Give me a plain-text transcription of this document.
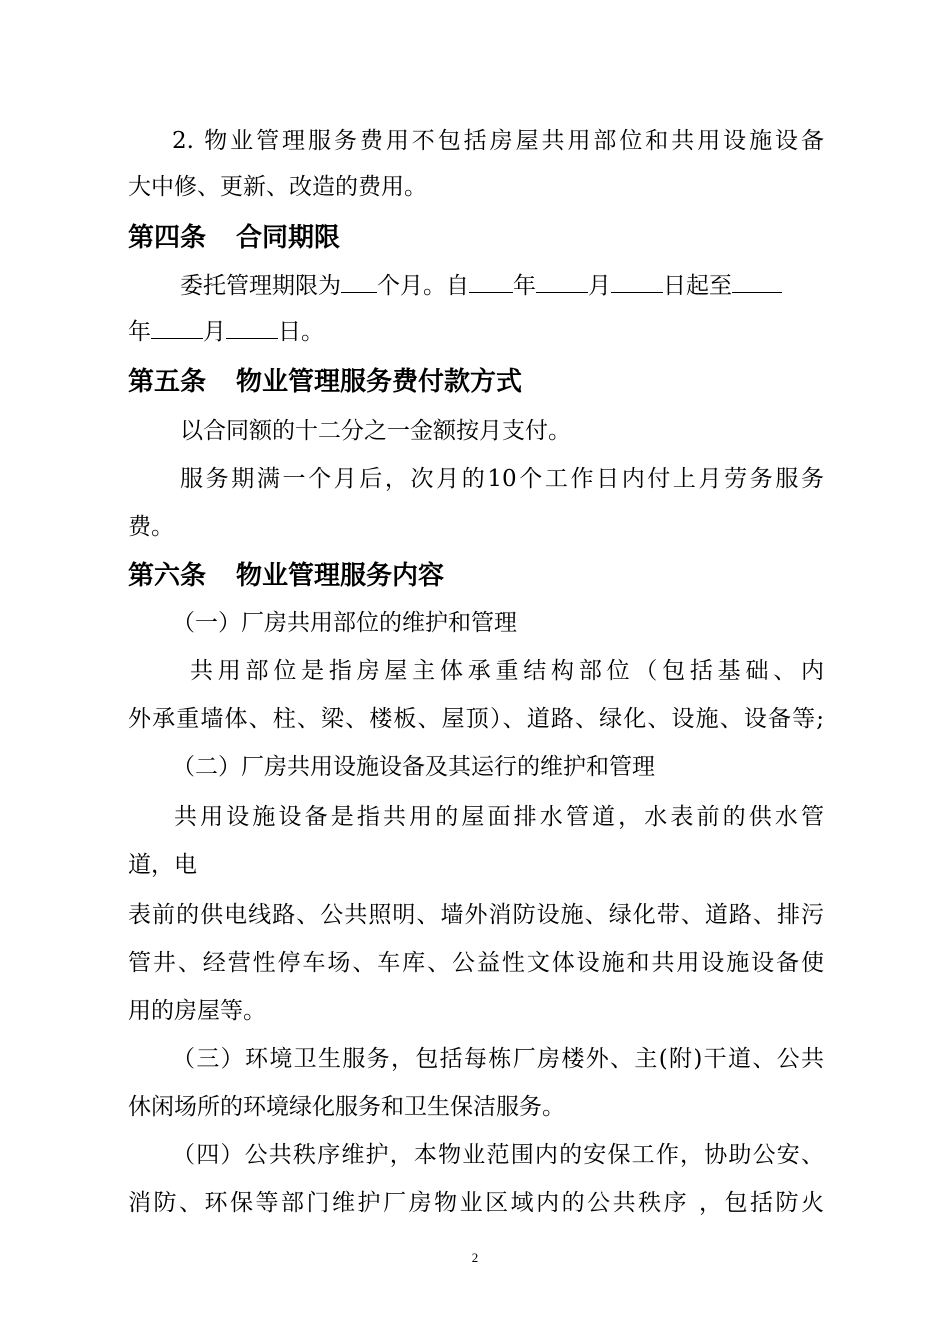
2. 物业管理服务费用不包括房屋共用部位和共用设施设备
大中修、更新、改造的费用。
第四条 合同期限
委托管理期限为 个月。自 年 月 日起至
年 月 日。
第五条 物业管理服务费付款方式
以合同额的十二分之一金额按月支付。
服务期满一个月后，次月的10个工作日内付上月劳务服务
费。
第六条 物业管理服务内容
（一）厂房共用部位的维护和管理
共用部位是指房屋主体承重结构部位（包括基础、内
外承重墙体、柱、梁、楼板、屋顶）、道路、绿化、设施、设备等;
（二）厂房共用设施设备及其运行的维护和管理
共用设施设备是指共用的屋面排水管道，水表前的供水管
道，电
表前的供电线路、公共照明、墙外消防设施、绿化带、道路、排污
管井、经营性停车场、车库、公益性文体设施和共用设施设备使
用的房屋等。
（三）环境卫生服务，包括每栋厂房楼外、主(附)干道、公共
休闲场所的环境绿化服务和卫生保洁服务。
（四）公共秩序维护，本物业范围内的安保工作，协助公安、
消防、环保等部门维护厂房物业区域内的公共秩序 ，包括防火
2
